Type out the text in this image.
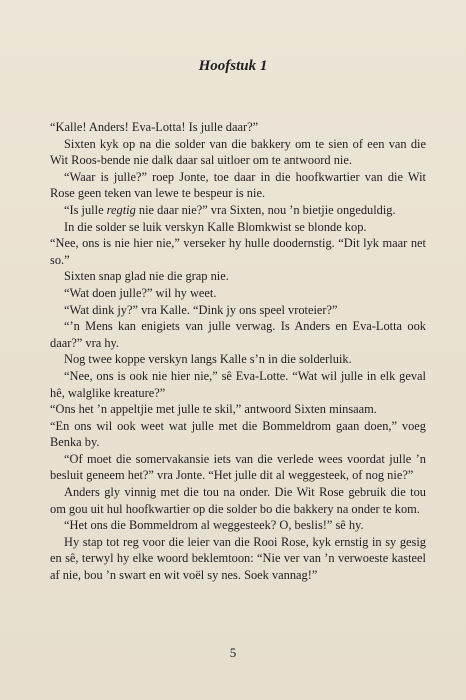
Hoofstuk 1

“Kalle! Anders! Eva-Lotta! Is julle daar?”

Sixten kyk op na die solder van die bakkery om te sien of een van die Wit Roos-bende nie dalk daar sal uitloer om te antwoord nie.

“Waar is julle?” roep Jonte, toe daar in die hoofkwartier van die Wit Rose geen teken van lewe te bespeur is nie.

“Is julle regtig nie daar nie?” vra Sixten, nou ’n bietjie ongeduldig.

In die solder se luik verskyn Kalle Blomkwist se blonde kop.

“Nee, ons is nie hier nie,” verseker hy hulle doodernstig. “Dit lyk maar net so.”

Sixten snap glad nie die grap nie.

“Wat doen julle?” wil hy weet.

“Wat dink jy?” vra Kalle. “Dink jy ons speel vroteier?”

“’n Mens kan enigiets van julle verwag. Is Anders en Eva-Lotta ook daar?” vra hy.

Nog twee koppe verskyn langs Kalle s’n in die solderluik.

“Nee, ons is ook nie hier nie,” sê Eva-Lotte. “Wat wil julle in elk geval hê, walglike kreature?”

“Ons het ’n appeltjie met julle te skil,” antwoord Sixten minsaam.

“En ons wil ook weet wat julle met die Bommeldrom gaan doen,” voeg Benka by.

“Of moet die somervakansie iets van die verlede wees voordat julle ’n besluit geneem het?” vra Jonte. “Het julle dit al weggesteek, of nog nie?”

Anders gly vinnig met die tou na onder. Die Wit Rose gebruik die tou om gou uit hul hoofkwartier op die solder bo die bakkery na onder te kom.

“Het ons die Bommeldrom al weggesteek? O, beslis!” sê hy.

Hy stap tot reg voor die leier van die Rooi Rose, kyk ernstig in sy gesig en sê, terwyl hy elke woord beklemtoon: “Nie ver van ’n verwoeste kasteel af nie, bou ’n swart en wit voël sy nes. Soek vannag!”

5
